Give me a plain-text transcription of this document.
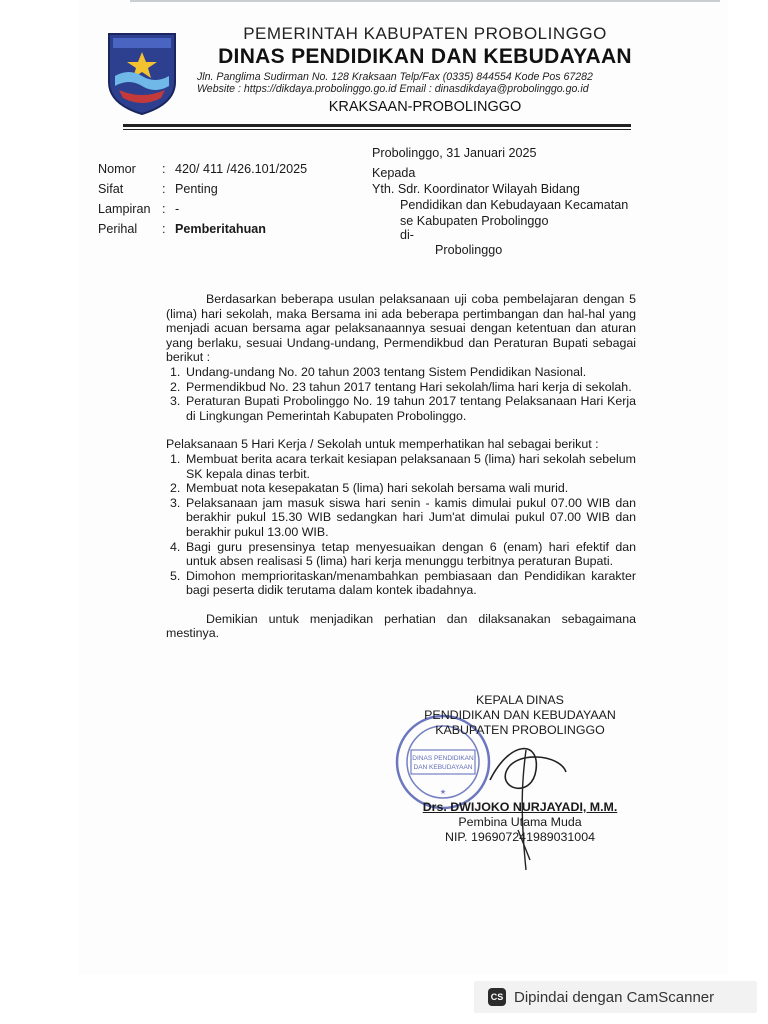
PEMERINTAH KABUPATEN PROBOLINGGO
DINAS PENDIDIKAN DAN KEBUDAYAAN
Jln. Panglima Sudirman No. 128 Kraksaan Telp/Fax (0335) 844554 Kode Pos 67282
Website : https://dikdaya.probolinggo.go.id Email : dinasdikdaya@probolinggo.go.id
KRAKSAAN-PROBOLINGGO
Probolinggo, 31 Januari 2025
Nomor : 420/ 411 /426.101/2025
Sifat	: Penting
Lampiran : -
Perihal : Pemberitahuan
Kepada
Yth. Sdr. Koordinator Wilayah Bidang
Pendidikan dan Kebudayaan Kecamatan
se Kabupaten Probolinggo
di-
Probolinggo

Berdasarkan beberapa usulan pelaksanaan uji coba pembelajaran dengan 5 (lima) hari sekolah, maka Bersama ini ada beberapa pertimbangan dan hal-hal yang menjadi acuan bersama agar pelaksanaannya sesuai dengan ketentuan dan aturan yang berlaku, sesuai Undang-undang, Permendikbud dan Peraturan Bupati sebagai berikut :

1. Undang-undang No. 20 tahun 2003 tentang Sistem Pendidikan Nasional.
2. Permendikbud No. 23 tahun 2017 tentang Hari sekolah/lima hari kerja di sekolah.
3. Peraturan Bupati Probolinggo No. 19 tahun 2017 tentang Pelaksanaan Hari Kerja di Lingkungan Pemerintah Kabupaten Probolinggo.

Pelaksanaan 5 Hari Kerja / Sekolah untuk memperhatikan hal sebagai berikut :

1. Membuat berita acara terkait kesiapan pelaksanaan 5 (lima) hari sekolah sebelum SK kepala dinas terbit.
2. Membuat nota kesepakatan 5 (lima) hari sekolah bersama wali murid.
3. Pelaksanaan jam masuk siswa hari senin - kamis dimulai pukul 07.00 WIB dan berakhir pukul 15.30 WIB sedangkan hari Jum'at dimulai pukul 07.00 WIB dan berakhir pukul 13.00 WIB.
4. Bagi guru presensinya tetap menyesuaikan dengan 6 (enam) hari efektif dan untuk absen realisasi 5 (lima) hari kerja menunggu terbitnya peraturan Bupati.
5. Dimohon memprioritaskan/menambahkan pembiasaan dan Pendidikan karakter bagi peserta didik terutama dalam kontek ibadahnya.

Demikian untuk menjadikan perhatian dan dilaksanakan sebagaimana mestinya.

DINAS PENDIDIKAN
DAN KEBUDAYAAN
★
KEPALA DINAS
PENDIDIKAN DAN KEBUDAYAAN
KABUPATEN PROBOLINGGO
Drs. DWIJOKO NURJAYADI, M.M.
Pembina Utama Muda
NIP. 196907241989031004
CS Dipindai dengan CamScanner
